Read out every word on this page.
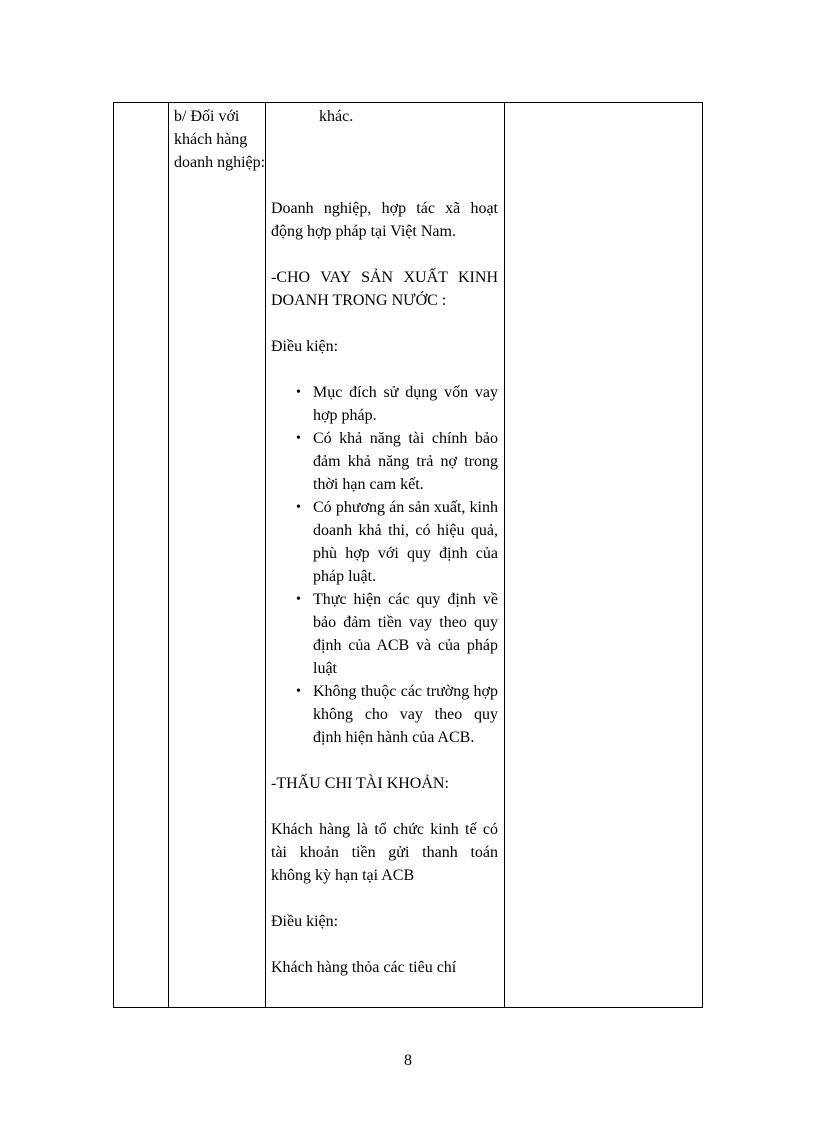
b/ Đối với khách hàng doanh nghiệp:

khác.

Doanh nghiệp, hợp tác xã hoạt động hợp pháp tại Việt Nam.

-CHO VAY SẢN XUẤT KINH DOANH TRONG NƯỚC :

Điều kiện:

• Mục đích sử dụng vốn vay hợp pháp.
• Có khả năng tài chính bảo đảm khả năng trả nợ trong thời hạn cam kết.
• Có phương án sản xuất, kinh doanh khả thi, có hiệu quả, phù hợp với quy định của pháp luật.
• Thực hiện các quy định về bảo đảm tiền vay theo quy định của ACB và của pháp luật
• Không thuộc các trường hợp không cho vay theo quy định hiện hành của ACB.

-THẤU CHI TÀI KHOẢN:

Khách hàng là tổ chức kinh tế có tài khoản tiền gửi thanh toán không kỳ hạn tại ACB

Điều kiện:

Khách hàng thỏa các tiêu chí

8
